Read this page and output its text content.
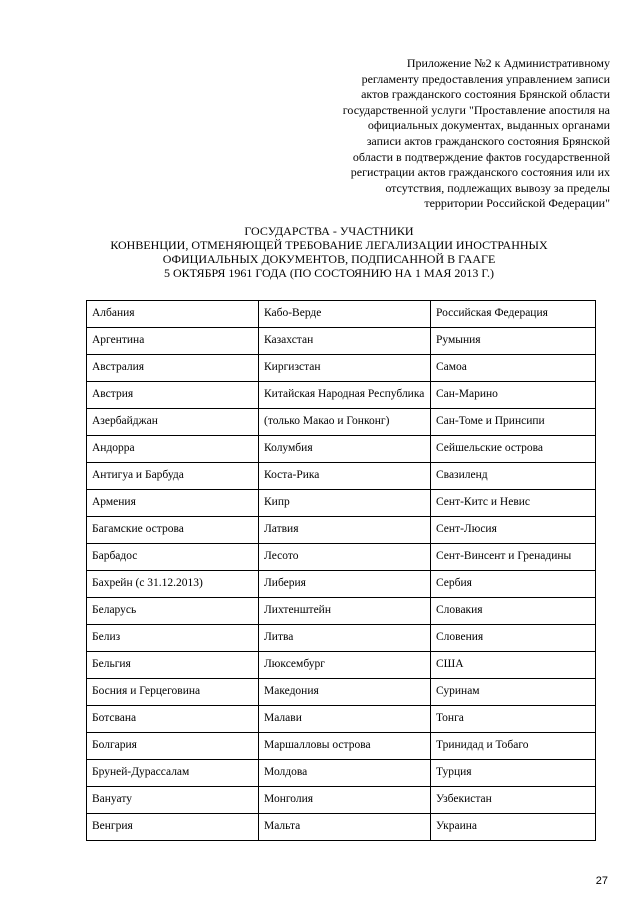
Приложение №2 к Административному
регламенту предоставления управлением записи
актов гражданского состояния Брянской области
государственной услуги "Проставление апостиля на
официальных документах, выданных органами
записи актов гражданского состояния Брянской
области в подтверждение фактов государственной
регистрации актов гражданского состояния или их
отсутствия, подлежащих вывозу за пределы
территории Российской Федерации"
ГОСУДАРСТВА - УЧАСТНИКИ
КОНВЕНЦИИ, ОТМЕНЯЮЩЕЙ ТРЕБОВАНИЕ ЛЕГАЛИЗАЦИИ ИНОСТРАННЫХ
ОФИЦИАЛЬНЫХ ДОКУМЕНТОВ, ПОДПИСАННОЙ В ГААГЕ
5 ОКТЯБРЯ 1961 ГОДА (ПО СОСТОЯНИЮ НА 1 МАЯ 2013 Г.)
Албания	Кабо-Верде	Российская Федерация
Аргентина	Казахстан	Румыния
Австралия	Киргизстан	Самоа
Австрия	Китайская Народная Республика	Сан-Марино
Азербайджан	(только Макао и Гонконг)	Сан-Томе и Принсипи
Андорра	Колумбия	Сейшельские острова
Антигуа и Барбуда	Коста-Рика	Свазиленд
Армения	Кипр	Сент-Китс и Невис
Багамские острова	Латвия	Сент-Люсия
Барбадос	Лесото	Сент-Винсент и Гренадины
Бахрейн (с 31.12.2013)	Либерия	Сербия
Беларусь	Лихтенштейн	Словакия
Белиз	Литва	Словения
Бельгия	Люксембург	США
Босния и Герцеговина	Македония	Суринам
Ботсвана	Малави	Тонга
Болгария	Маршалловы острова	Тринидад и Тобаго
Бруней-Дурассалам	Молдова	Турция
Вануату	Монголия	Узбекистан
Венгрия	Мальта	Украина
27
